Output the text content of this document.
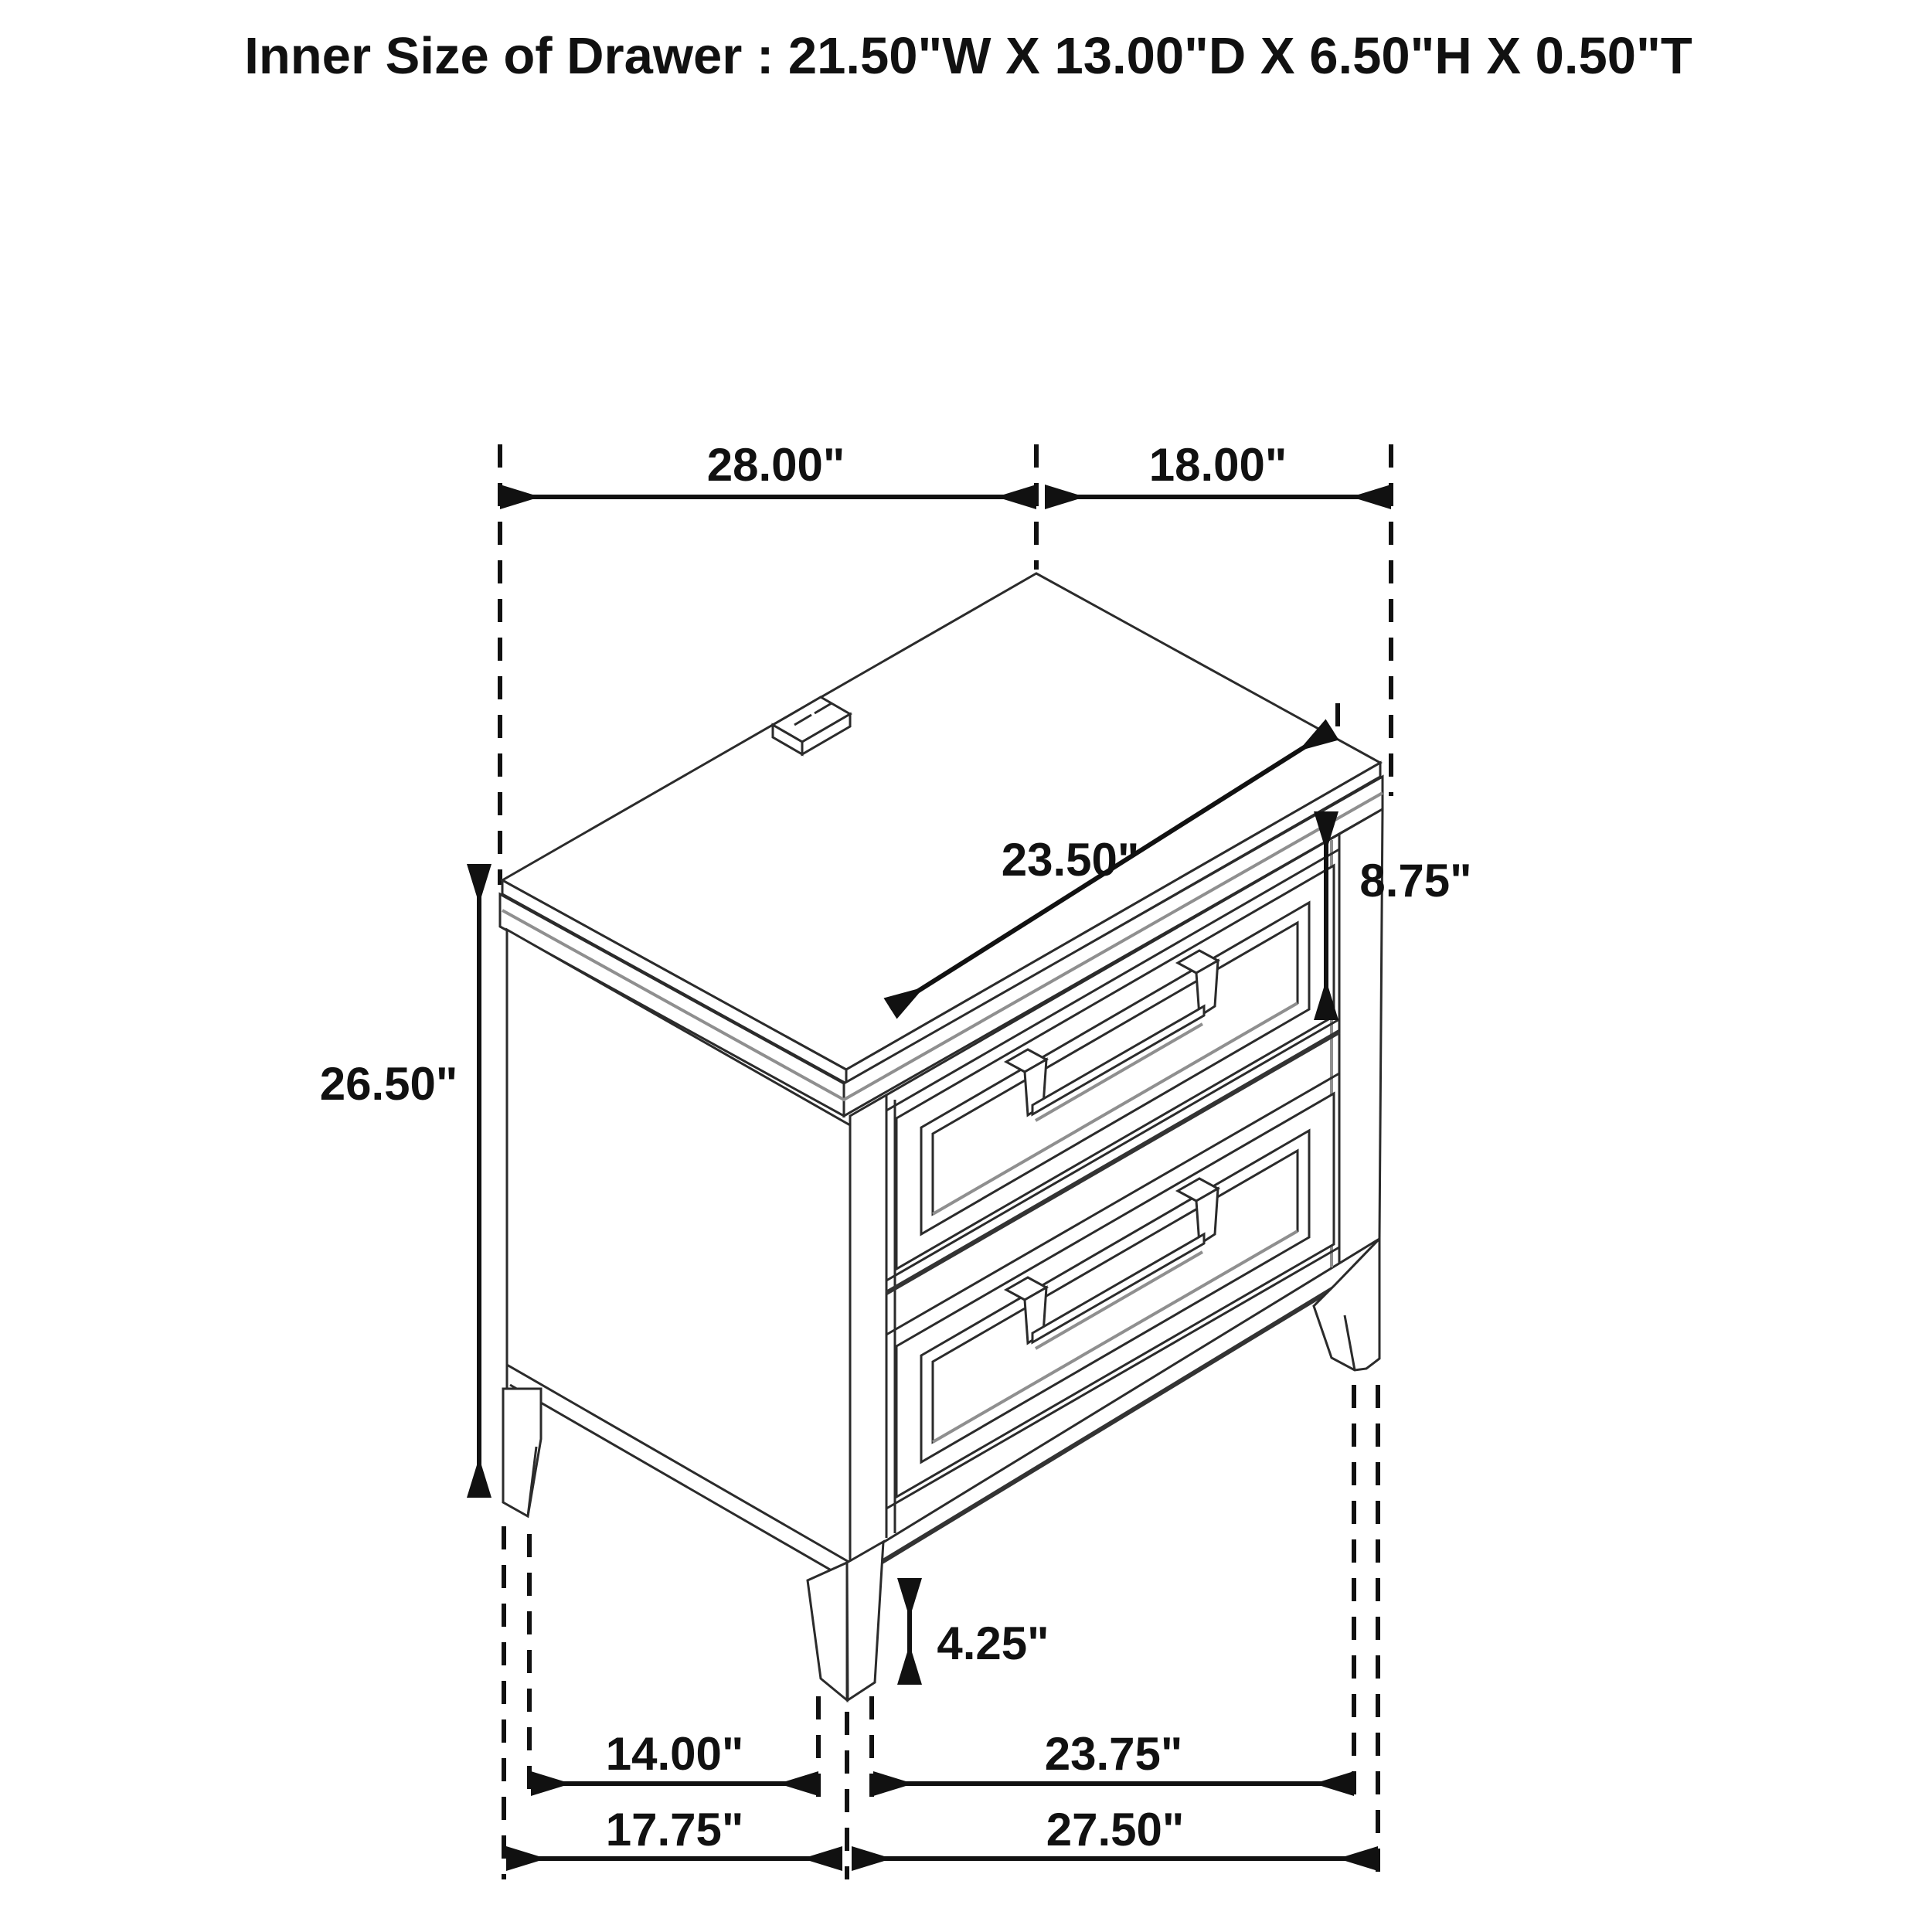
28.00"	18.00"
23.50"	8.75"
26.50"
4.25"
14.00"	23.75"
17.75"	27.50"
Inner Size of Drawer : 21.50"W X 13.00"D X 6.50"H X 0.50"T
